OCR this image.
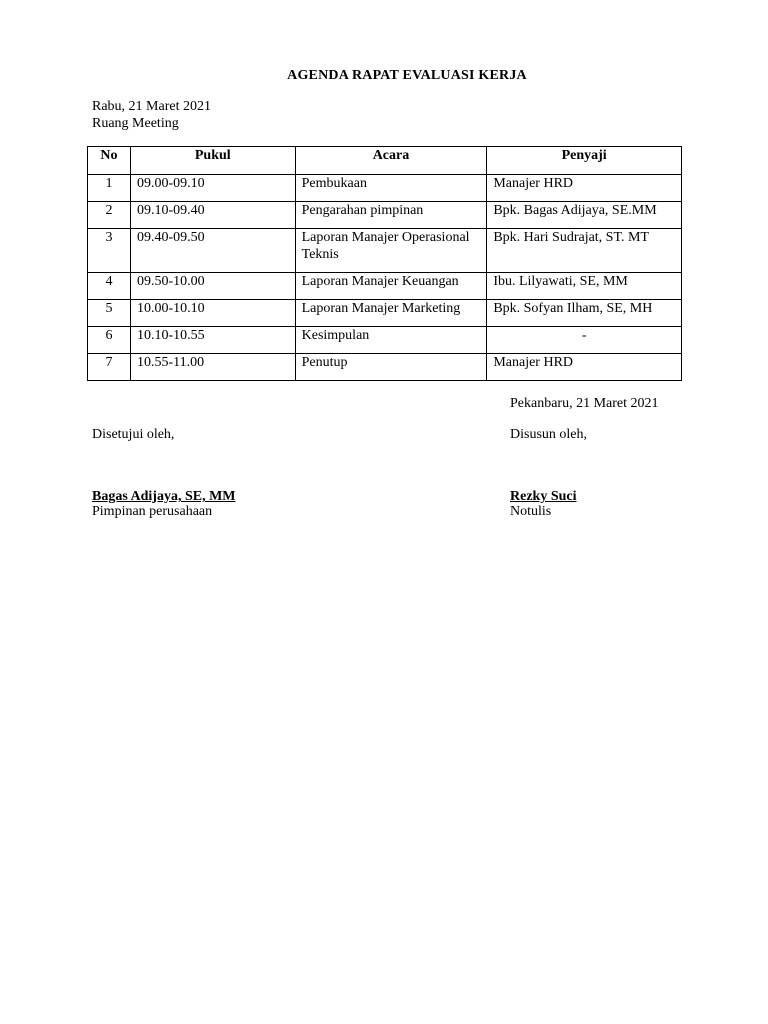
AGENDA RAPAT EVALUASI KERJA
Rabu, 21 Maret 2021
Ruang Meeting
No	Pukul	Acara	Penyaji
1	09.00-09.10	Pembukaan	Manajer HRD
2	09.10-09.40	Pengarahan pimpinan	Bpk. Bagas Adijaya, SE.MM
3	09.40-09.50	Laporan Manajer Operasional Teknis	Bpk. Hari Sudrajat, ST. MT
4	09.50-10.00	Laporan Manajer Keuangan	Ibu. Lilyawati, SE, MM
5	10.00-10.10	Laporan Manajer Marketing	Bpk. Sofyan Ilham, SE, MH
6	10.10-10.55	Kesimpulan	-
7	10.55-11.00	Penutup	Manajer HRD
Pekanbaru, 21 Maret 2021
Disetujui oleh,	Disusun oleh,
Bagas Adijaya, SE, MM
Pimpinan perusahaan
Rezky Suci
Notulis
